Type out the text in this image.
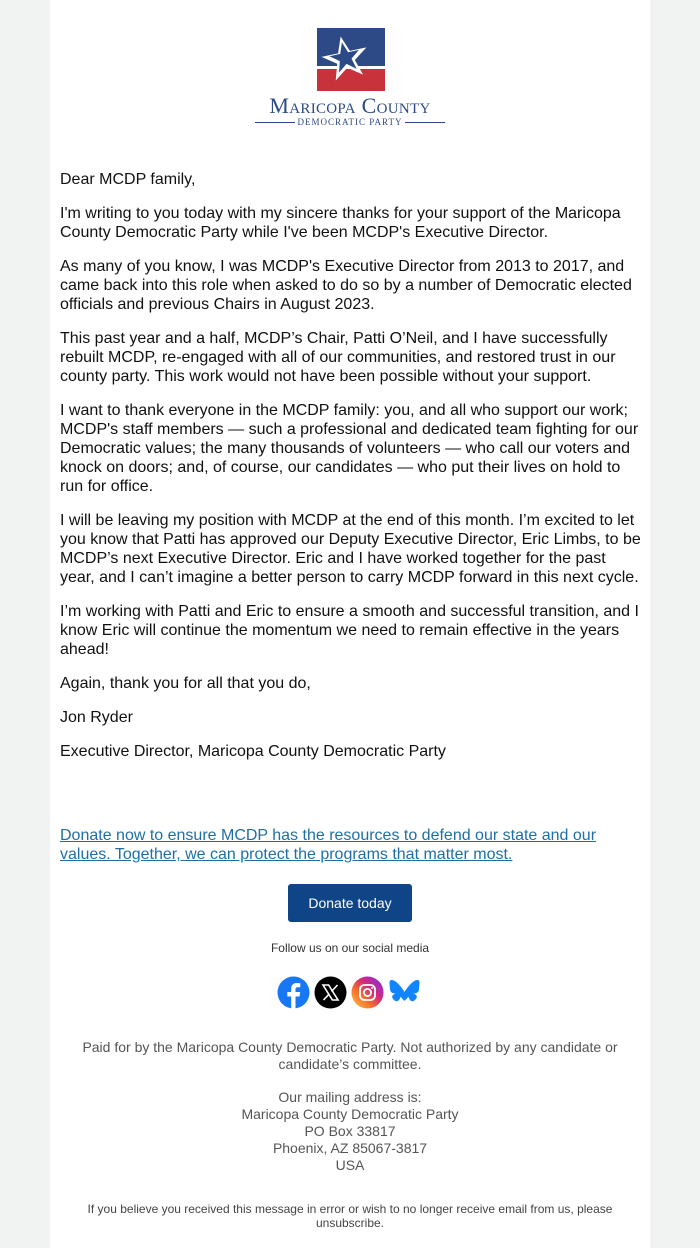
Maricopa County
DEMOCRATIC PARTY

Dear MCDP family,

I'm writing to you today with my sincere thanks for your support of the Maricopa County Democratic Party while I've been MCDP's Executive Director.

As many of you know, I was MCDP's Executive Director from 2013 to 2017, and came back into this role when asked to do so by a number of Democratic elected officials and previous Chairs in August 2023.

This past year and a half, MCDP’s Chair, Patti O’Neil, and I have successfully rebuilt MCDP, re-engaged with all of our communities, and restored trust in our county party. This work would not have been possible without your support.

I want to thank everyone in the MCDP family: you, and all who support our work; MCDP's staff members — such a professional and dedicated team fighting for our Democratic values; the many thousands of volunteers — who call our voters and knock on doors; and, of course, our candidates — who put their lives on hold to run for office.

I will be leaving my position with MCDP at the end of this month. I’m excited to let you know that Patti has approved our Deputy Executive Director, Eric Limbs, to be MCDP’s next Executive Director. Eric and I have worked together for the past year, and I can’t imagine a better person to carry MCDP forward in this next cycle.

I’m working with Patti and Eric to ensure a smooth and successful transition, and I know Eric will continue the momentum we need to remain effective in the years ahead!

Again, thank you for all that you do,

Jon Ryder

Executive Director, Maricopa County Democratic Party

Donate now to ensure MCDP has the resources to defend our state and our values. Together, we can protect the programs that matter most.
Donate today
Follow us on our social media
Paid for by the Maricopa County Democratic Party. Not authorized by any candidate or candidate’s committee.
Our mailing address is:
Maricopa County Democratic Party
PO Box 33817
Phoenix, AZ 85067-3817
USA
If you believe you received this message in error or wish to no longer receive email from us, please unsubscribe.
